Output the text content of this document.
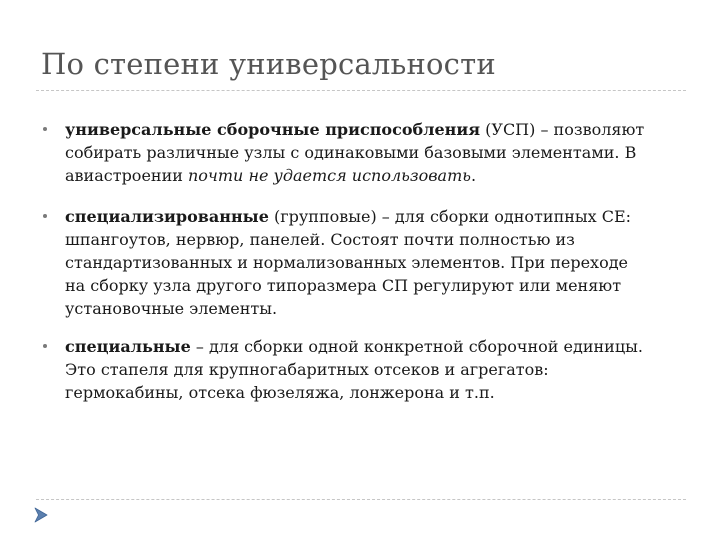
По степени универсальности
универсальные сборочные приспособления (УСП) – позволяют
собирать различные узлы с одинаковыми базовыми элементами. В
авиастроении почти не удается использовать.
специализированные (групповые) – для сборки однотипных СЕ:
шпангоутов, нервюр, панелей. Состоят почти полностью из
стандартизованных и нормализованных элементов. При переходе
на сборку узла другого типоразмера СП регулируют или меняют
установочные элементы.
специальные – для сборки одной конкретной сборочной единицы.
Это стапеля для крупногабаритных отсеков и агрегатов:
гермокабины, отсека фюзеляжа, лонжерона и т.п.
